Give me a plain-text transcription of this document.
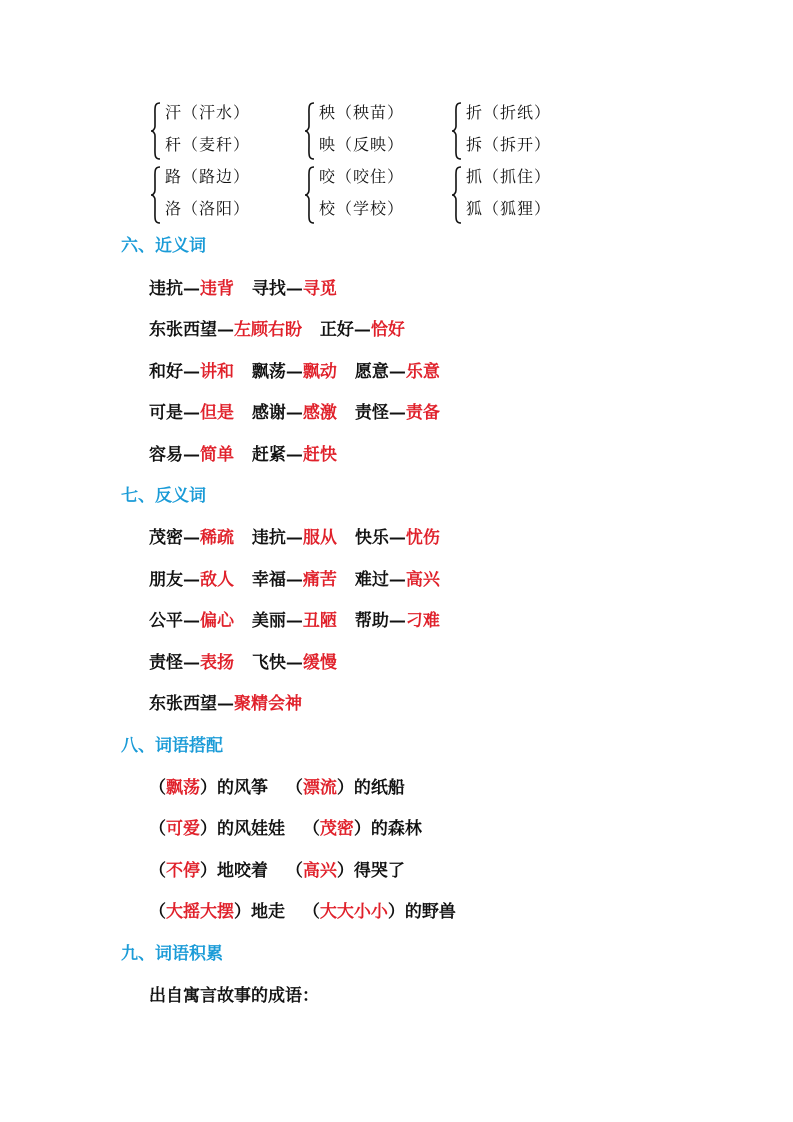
汗（汗水）
秆（麦秆）
秧（秧苗）
映（反映）
折（折纸）
拆（拆开）
路（路边）
洛（洛阳）
咬（咬住）
校（学校）
抓（抓住）
狐（狐狸）
六、近义词
违抗—违背 寻找—寻觅
东张西望—左顾右盼 正好—恰好
和好—讲和 飘荡—飘动 愿意—乐意
可是—但是 感谢—感激 责怪—责备
容易—简单 赶紧—赶快
七、反义词
茂密—稀疏 违抗—服从 快乐—忧伤
朋友—敌人 幸福—痛苦 难过—高兴
公平—偏心 美丽—丑陋 帮助—刁难
责怪—表扬 飞快—缓慢
东张西望—聚精会神
八、词语搭配
（飘荡）的风筝 （漂流）的纸船
（可爱）的风娃娃 （茂密）的森林
（不停）地咬着 （高兴）得哭了
（大摇大摆）地走 （大大小小）的野兽
九、词语积累
出自寓言故事的成语：
